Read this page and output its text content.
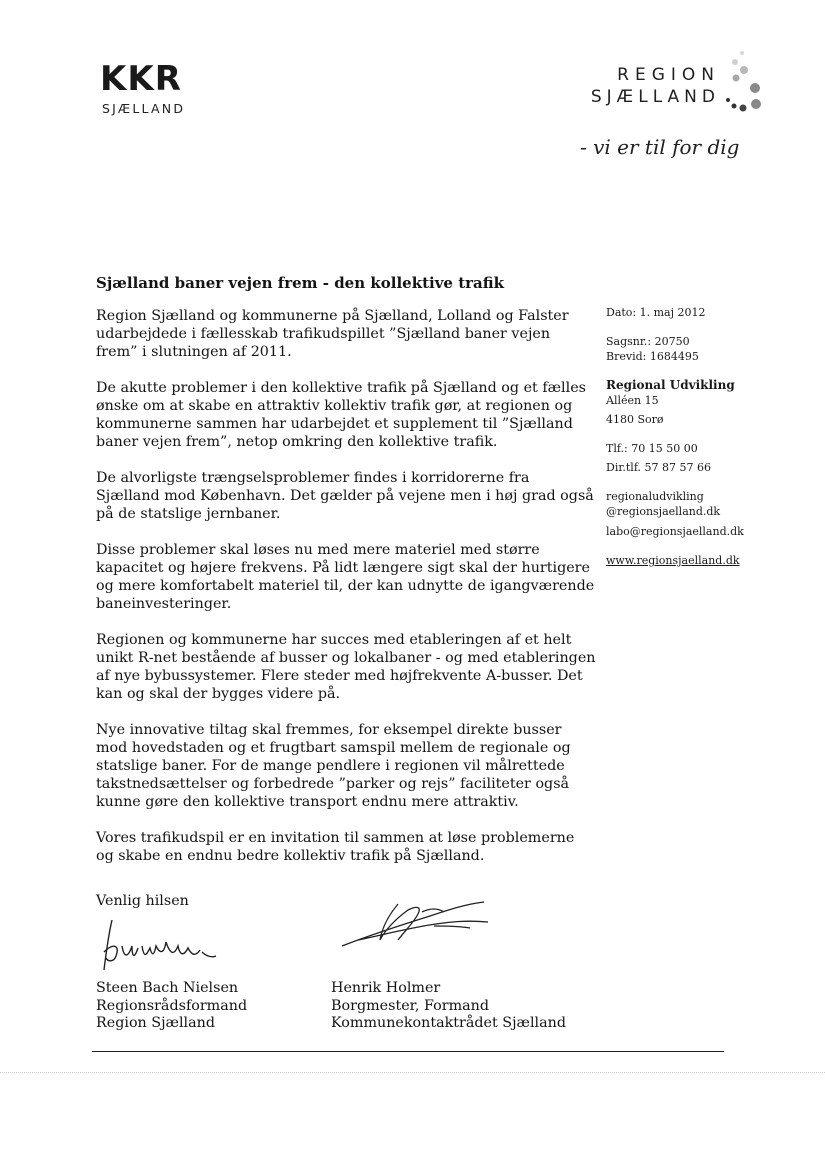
KKR
SJÆLLAND
REGION
SJÆLLAND
- vi er til for dig
Sjælland baner vejen frem - den kollektive trafik

Region Sjælland og kommunerne på Sjælland, Lolland og Falster udarbejdede i fællesskab trafikudspillet ”Sjælland baner vejen frem” i slutningen af 2011.

De akutte problemer i den kollektive trafik på Sjælland og et fælles ønske om at skabe en attraktiv kollektiv trafik gør, at regionen og kommunerne sammen har udarbejdet et supplement til ”Sjælland baner vejen frem”, netop omkring den kollektive trafik.

De alvorligste trængselsproblemer findes i korridorerne fra Sjælland mod København. Det gælder på vejene men i høj grad også på de statslige jernbaner.

Disse problemer skal løses nu med mere materiel med større kapacitet og højere frekvens. På lidt længere sigt skal der hurtigere og mere komfortabelt materiel til, der kan udnytte de igangværende baneinvesteringer.

Regionen og kommunerne har succes med etableringen af et helt unikt R-net bestående af busser og lokalbaner - og med etableringen af nye bybussystemer. Flere steder med højfrekvente A-busser. Det kan og skal der bygges videre på.

Nye innovative tiltag skal fremmes, for eksempel direkte busser mod hovedstaden og et frugtbart samspil mellem de regionale og statslige baner. For de mange pendlere i regionen vil målrettede takstnedsættelser og forbedrede ”parker og rejs” faciliteter også kunne gøre den kollektive transport endnu mere attraktiv.

Vores trafikudspil er en invitation til sammen at løse problemerne og skabe en endnu bedre kollektiv trafik på Sjælland.

Dato: 1. maj 2012

Sagsnr.: 20750

Brevid: 1684495

Regional Udvikling

Alléen 15

4180 Sorø

Tlf.: 70 15 50 00

Dir.tlf. 57 87 57 66

regionaludvikling

@regionsjaelland.dk

labo@regionsjaelland.dk

www.regionsjaelland.dk

Venlig hilsen
Steen Bach Nielsen
Regionsrådsformand
Region Sjælland
Henrik Holmer
Borgmester, Formand
Kommunekontaktrådet Sjælland
